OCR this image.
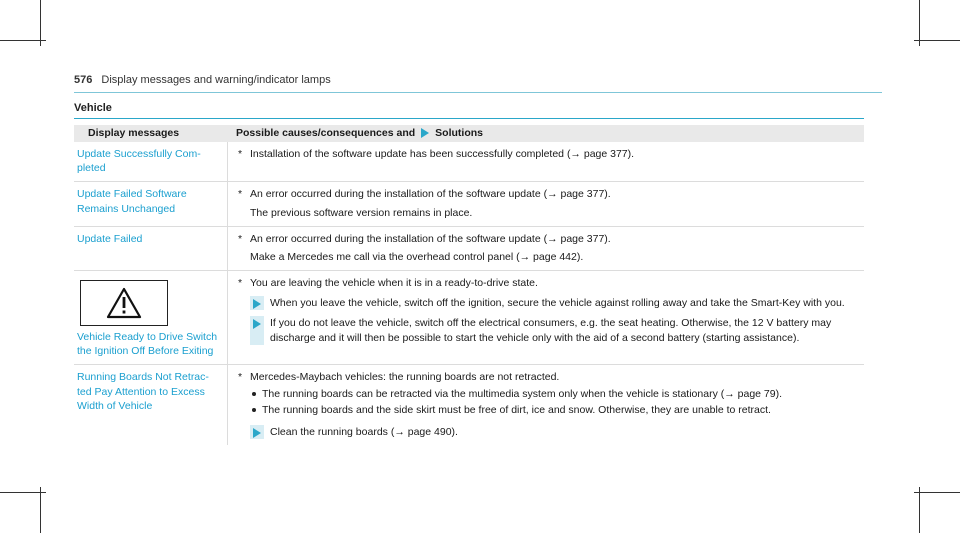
576 Display messages and warning/indicator lamps
Vehicle
Display messages	Possible causes/consequences and Solutions
Update Successfully Com- pleted
* Installation of the software update has been successfully completed (→ page 377).
Update Failed Software Remains Unchanged
* An error occurred during the installation of the software update (→ page 377).
The previous software version remains in place.
Update Failed	* An error occurred during the installation of the software update (→ page 377).
Make a Mercedes me call via the overhead control panel (→ page 442).
Vehicle Ready to Drive Switch the Ignition Off Before Exiting
* You are leaving the vehicle when it is in a ready-to-drive state.
When you leave the vehicle, switch off the ignition, secure the vehicle against rolling away and take the Smart-Key with you.
If you do not leave the vehicle, switch off the electrical consumers, e.g. the seat heating. Otherwise, the 12 V battery may discharge and it will then be possible to start the vehicle only with the aid of a second battery (starting assistance).
Running Boards Not Retrac- ted Pay Attention to Excess Width of Vehicle
* Mercedes-Maybach vehicles: the running boards are not retracted.
The running boards can be retracted via the multimedia system only when the vehicle is stationary (→ page 79).
The running boards and the side skirt must be free of dirt, ice and snow. Otherwise, they are unable to retract.
Clean the running boards (→ page 490).
